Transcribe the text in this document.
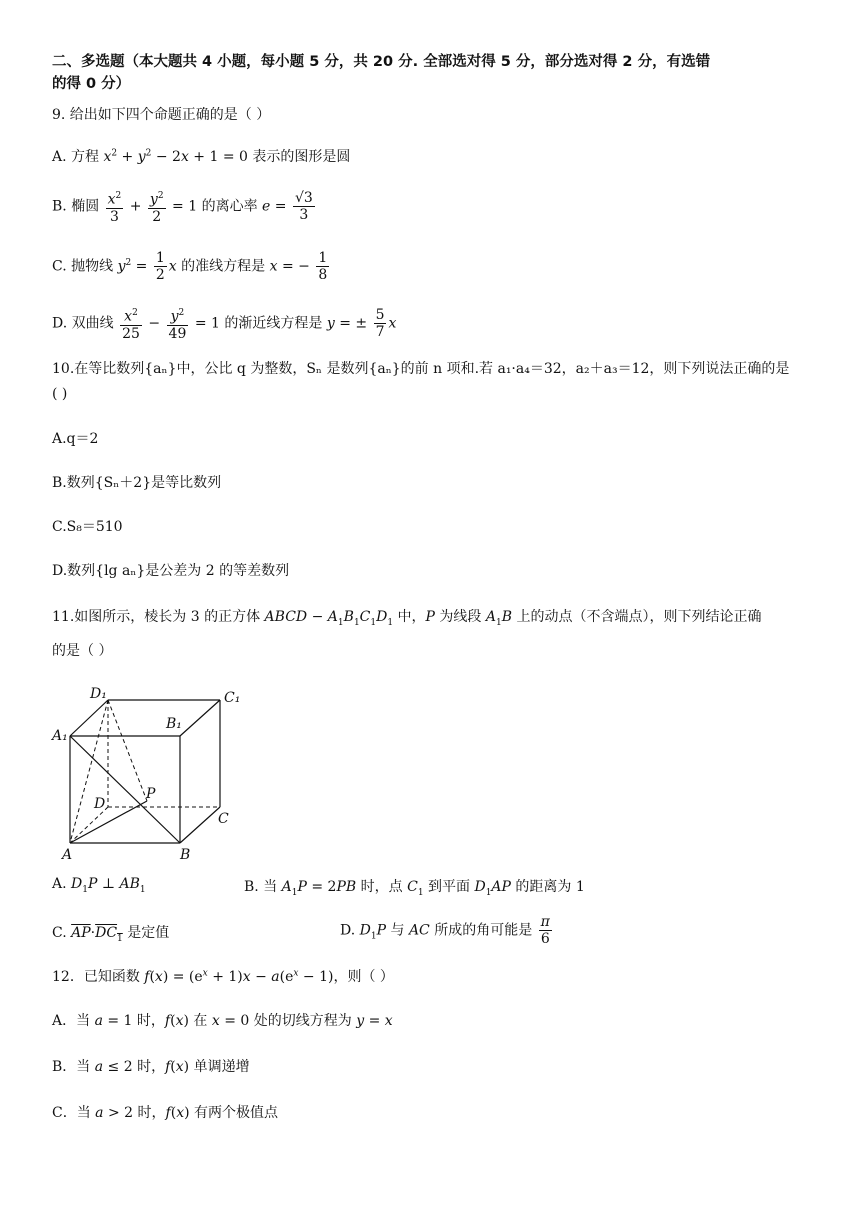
二、多选题（本大题共 4 小题，每小题 5 分，共 20 分. 全部选对得 5 分，部分选对得 2 分，有选错
的得 0 分）
9. 给出如下四个命题正确的是（ ）
A. 方程 $x^2 + y^2 - 2x + 1 = 0$ 表示的图形是圆
B. 椭圆 $\frac{x^2}{3} + \frac{y^2}{2} = 1$ 的离心率 $e = \frac{√3}{3}$
C. 抛物线 $y^2 = \frac{1}{2}$ x 的准线方程是 x = − $\frac{1}{8}$
D. 双曲线 $\frac{x^2}{25} - \frac{y^2}{49} = 1$ 的渐近线方程是 y = ± $\frac{5}{7}$ x
10.在等比数列{aₙ}中，公比 q 为整数，Sₙ 是数列{aₙ}的前 n 项和.若 a₁·a₄＝32，a₂＋a₃＝12，则下列说法正确的是
( )
A.q＝2
B.数列{Sₙ＋2}是等比数列
C.S₈＝510
D.数列{lg aₙ}是公差为 2 的等差数列
11.如图所示，棱长为 3 的正方体 ABCD − $A_1B_1C_1D_1$ 中，P 为线段 $A_1B$ 上的动点（不含端点），则下列结论正确
的是（ ）
D₁	C₁
A₁
B₁
P
D
C
A	B
A. $D_1P$ ⊥ $AB_1$	B. 当 $A_1P = 2PB$ 时，点 $C_1$ 到平面 $D_1AP$ 的距离为 1
C. $\overline{AP}\cdot DC_1$ 是定值	D. $D_1P$ 与 AC 所成的角可能是 $\frac{\pi}{6}$
12．已知函数 $f(x) = (e^x + 1)x - a(e^x - 1)$，则（ ）
A．当 a = 1 时，f(x) 在 x = 0 处的切线方程为 y = x
B．当 a ≤ 2 时，f(x) 单调递增
C．当 a > 2 时，f(x) 有两个极值点
